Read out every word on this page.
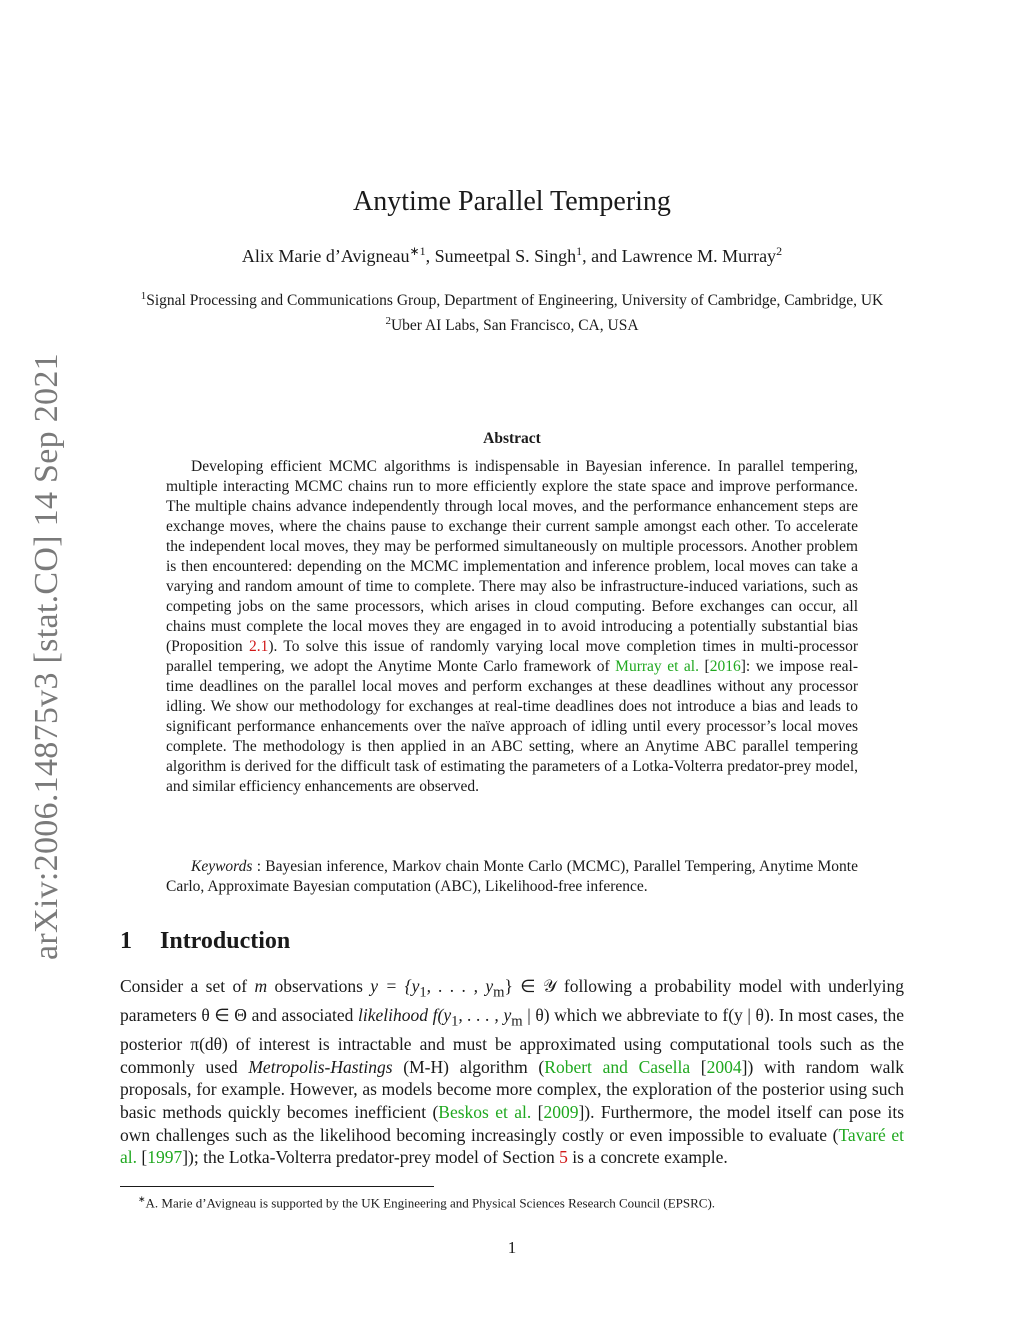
arXiv:2006.14875v3 [stat.CO] 14 Sep 2021
Anytime Parallel Tempering
Alix Marie d’Avigneau$^{∗1}$, Sumeetpal S. Singh$^1$, and Lawrence M. Murray$^2$
$^1$Signal Processing and Communications Group, Department of Engineering, University of Cambridge, Cambridge, UK
$^2$Uber AI Labs, San Francisco, CA, USA
Abstract
Developing efficient MCMC algorithms is indispensable in Bayesian inference. In parallel tempering, multiple interacting MCMC chains run to more efficiently explore the state space and improve performance. The multiple chains advance independently through local moves, and the performance enhancement steps are exchange moves, where the chains pause to exchange their current sample amongst each other. To accelerate the independent local moves, they may be performed simultaneously on multiple processors. Another problem is then encountered: depending on the MCMC implementation and inference problem, local moves can take a varying and random amount of time to complete. There may also be infrastructure-induced variations, such as competing jobs on the same processors, which arises in cloud computing. Before exchanges can occur, all chains must complete the local moves they are engaged in to avoid introducing a potentially substantial bias (Proposition 2.1). To solve this issue of randomly varying local move completion times in multi-processor parallel tempering, we adopt the Anytime Monte Carlo framework of Murray et al. [2016]: we impose real-time deadlines on the parallel local moves and perform exchanges at these deadlines without any processor idling. We show our methodology for exchanges at real-time deadlines does not introduce a bias and leads to significant performance enhancements over the naïve approach of idling until every processor’s local moves complete. The methodology is then applied in an ABC setting, where an Anytime ABC parallel tempering algorithm is derived for the difficult task of estimating the parameters of a Lotka-Volterra predator-prey model, and similar efficiency enhancements are observed.
Keywords : Bayesian inference, Markov chain Monte Carlo (MCMC), Parallel Tempering, Anytime Monte Carlo, Approximate Bayesian computation (ABC), Likelihood-free inference.
1 Introduction
Consider a set of m observations $y = \{y_1$, . . . , $y_m$} ∈ 𝒴 following a probability model with underlying parameters θ ∈ Θ and associated likelihood $f(y_1$, . . . , $y_m$ | θ) which we abbreviate to f(y | θ). In most cases, the posterior π(dθ) of interest is intractable and must be approximated using computational tools such as the commonly used Metropolis-Hastings (M-H) algorithm (Robert and Casella [2004]) with random walk proposals, for example. However, as models become more complex, the exploration of the posterior using such basic methods quickly becomes inefficient (Beskos et al. [2009]). Furthermore, the model itself can pose its own challenges such as the likelihood becoming increasingly costly or even impossible to evaluate (Tavaré et al. [1997]); the Lotka-Volterra predator-prey model of Section 5 is a concrete example.
∗A. Marie d’Avigneau is supported by the UK Engineering and Physical Sciences Research Council (EPSRC).
1
